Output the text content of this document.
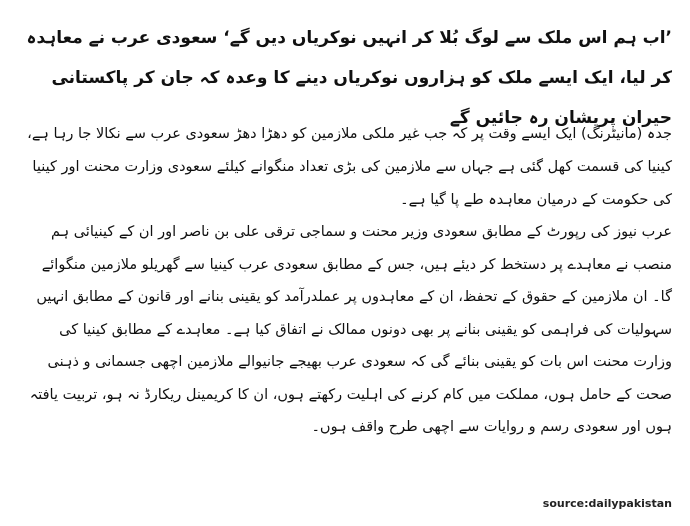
’اب ہم اس ملک سے لوگ بُلا کر انہیں نوکریاں دیں گے‘ سعودی عرب نے معاہدہ کر لیا، ایک ایسے ملک کو ہزاروں نوکریاں دینے کا وعدہ کہ جان کر پاکستانی حیران پریشان رہ جائیں گے

جدہ (مانیٹرنگ) ایک ایسے وقت پر کہ جب غیر ملکی ملازمین کو دھڑا دھڑ سعودی عرب سے نکالا جا رہا ہے، کینیا کی قسمت کھل گئی ہے جہاں سے ملازمین کی بڑی تعداد منگوانے کیلئے سعودی وزارت محنت اور کینیا کی حکومت کے درمیان معاہدہ طے پا گیا ہے۔

عرب نیوز کی رپورٹ کے مطابق سعودی وزیر محنت و سماجی ترقی علی بن ناصر اور ان کے کینیائی ہم منصب نے معاہدے پر دستخط کر دیئے ہیں، جس کے مطابق سعودی عرب کینیا سے گھریلو ملازمین منگوائے گا۔ ان ملازمین کے حقوق کے تحفظ، ان کے معاہدوں پر عملدرآمد کو یقینی بنانے اور قانون کے مطابق انہیں سہولیات کی فراہمی کو یقینی بنانے پر بھی دونوں ممالک نے اتفاق کیا ہے۔ معاہدے کے مطابق کینیا کی وزارت محنت اس بات کو یقینی بنائے گی کہ سعودی عرب بھیجے جانیوالے ملازمین اچھی جسمانی و ذہنی صحت کے حامل ہوں، مملکت میں کام کرنے کی اہلیت رکھتے ہوں، ان کا کریمینل ریکارڈ نہ ہو، تربیت یافتہ ہوں اور سعودی رسم و روایات سے اچھی طرح واقف ہوں۔

source:dailypakistan
